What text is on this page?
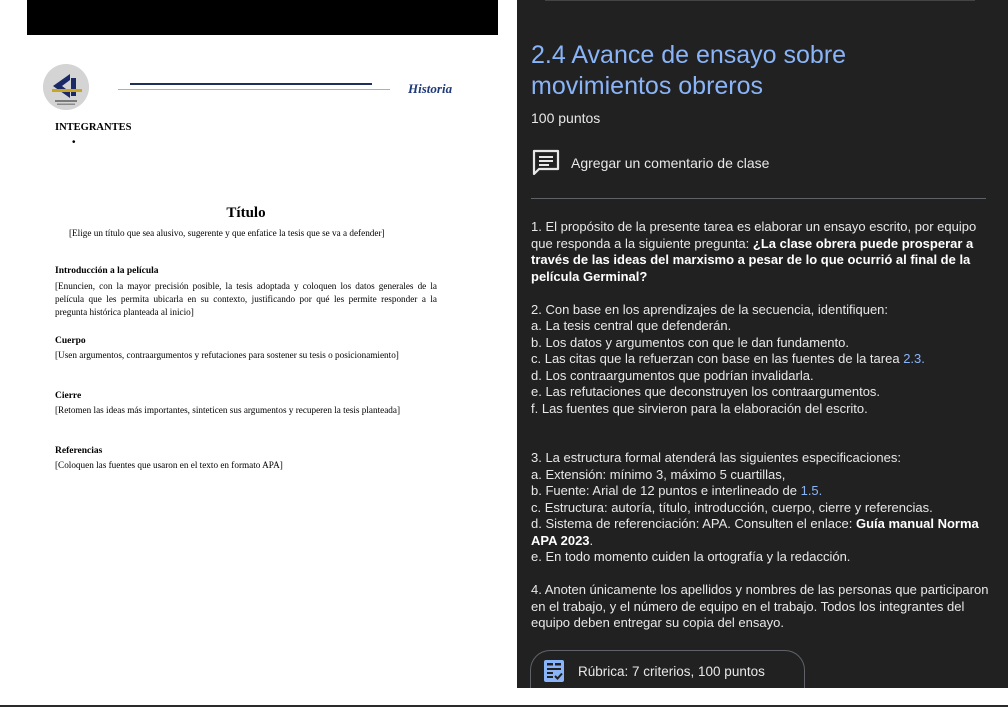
Historia
INTEGRANTES
•
Título
[Elige un título que sea alusivo, sugerente y que enfatice la tesis que se va a defender]
Introducción a la película
[Enuncien, con la mayor precisión posible, la tesis adoptada y coloquen los datos generales de la película que les permita ubicarla en su contexto, justificando por qué les permite responder a la pregunta histórica planteada al inicio]
Cuerpo
[Usen argumentos, contraargumentos y refutaciones para sostener su tesis o posicionamiento]
Cierre
[Retomen las ideas más importantes, sinteticen sus argumentos y recuperen la tesis planteada]
Referencias
[Coloquen las fuentes que usaron en el texto en formato APA]
2.4 Avance de ensayo sobre movimientos obreros
100 puntos
Agregar un comentario de clase

1. El propósito de la presente tarea es elaborar un ensayo escrito, por equipo que responda a la siguiente pregunta: ¿La clase obrera puede prosperar a través de las ideas del marxismo a pesar de lo que ocurrió al final de la película Germinal?

2. Con base en los aprendizajes de la secuencia, identifiquen:

a. La tesis central que defenderán.

b. Los datos y argumentos con que le dan fundamento.

c. Las citas que la refuerzan con base en las fuentes de la tarea 2.3.

d. Los contraargumentos que podrían invalidarla.

e. Las refutaciones que deconstruyen los contraargumentos.

f. Las fuentes que sirvieron para la elaboración del escrito.

3. La estructura formal atenderá las siguientes especificaciones:

a. Extensión: mínimo 3, máximo 5 cuartillas,

b. Fuente: Arial de 12 puntos e interlineado de 1.5.

c. Estructura: autoría, título, introducción, cuerpo, cierre y referencias.

d. Sistema de referenciación: APA. Consulten el enlace: Guía manual Norma APA 2023.

e. En todo momento cuiden la ortografía y la redacción.

4. Anoten únicamente los apellidos y nombres de las personas que participaron en el trabajo, y el número de equipo en el trabajo. Todos los integrantes del equipo deben entregar su copia del ensayo.

Rúbrica: 7 criterios, 100 puntos
